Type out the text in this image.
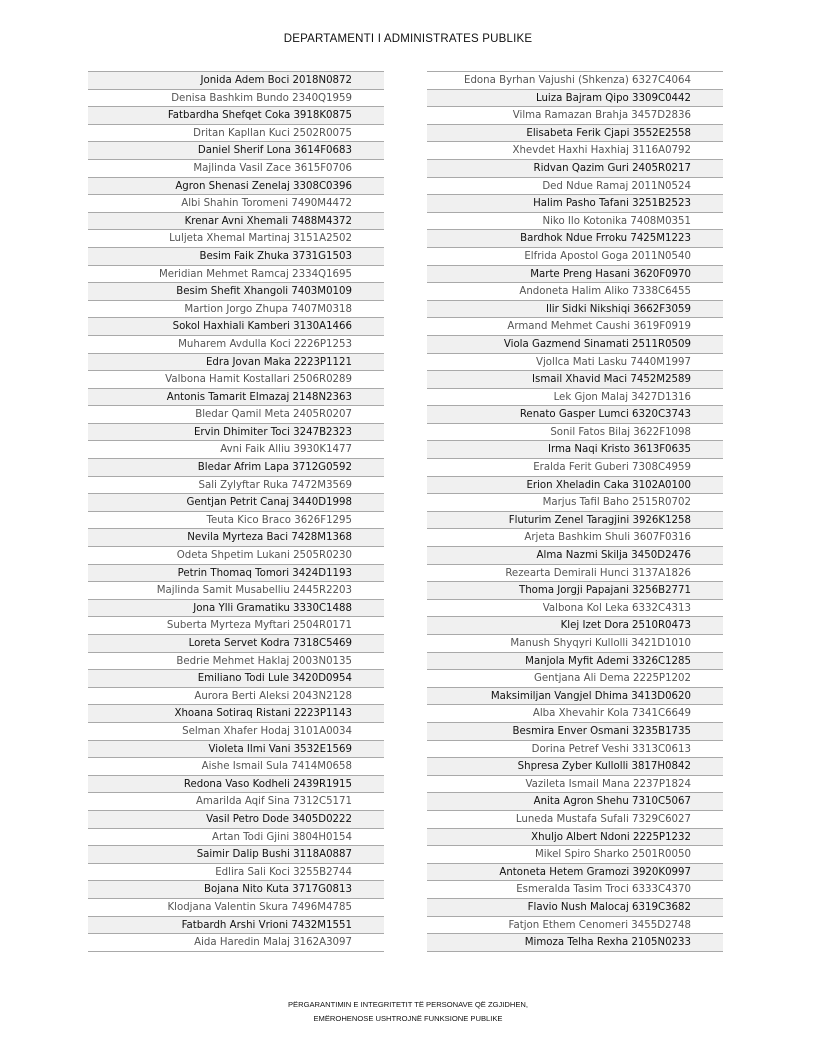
DEPARTAMENTI I ADMINISTRATES PUBLIKE
Jonida Adem Boci 2018N0872
Denisa Bashkim Bundo 2340Q1959
Fatbardha Shefqet Coka 3918K0875
Dritan Kapllan Kuci 2502R0075
Daniel Sherif Lona 3614F0683
Majlinda Vasil Zace 3615F0706
Agron Shenasi Zenelaj 3308C0396
Albi Shahin Toromeni 7490M4472
Krenar Avni Xhemali 7488M4372
Luljeta Xhemal Martinaj 3151A2502
Besim Faik Zhuka 3731G1503
Meridian Mehmet Ramcaj 2334Q1695
Besim Shefit Xhangoli 7403M0109
Martion Jorgo Zhupa 7407M0318
Sokol Haxhiali Kamberi 3130A1466
Muharem Avdulla Koci 2226P1253
Edra Jovan Maka 2223P1121
Valbona Hamit Kostallari 2506R0289
Antonis Tamarit Elmazaj 2148N2363
Bledar Qamil Meta 2405R0207
Ervin Dhimiter Toci 3247B2323
Avni Faik Alliu 3930K1477
Bledar Afrim Lapa 3712G0592
Sali Zylyftar Ruka 7472M3569
Gentjan Petrit Canaj 3440D1998
Teuta Kico Braco 3626F1295
Nevila Myrteza Baci 7428M1368
Odeta Shpetim Lukani 2505R0230
Petrin Thomaq Tomori 3424D1193
Majlinda Samit Musabelliu 2445R2203
Jona Ylli Gramatiku 3330C1488
Suberta Myrteza Myftari 2504R0171
Loreta Servet Kodra 7318C5469
Bedrie Mehmet Haklaj 2003N0135
Emiliano Todi Lule 3420D0954
Aurora Berti Aleksi 2043N2128
Xhoana Sotiraq Ristani 2223P1143
Selman Xhafer Hodaj 3101A0034
Violeta Ilmi Vani 3532E1569
Aishe Ismail Sula 7414M0658
Redona Vaso Kodheli 2439R1915
Amarilda Aqif Sina 7312C5171
Vasil Petro Dode 3405D0222
Artan Todi Gjini 3804H0154
Saimir Dalip Bushi 3118A0887
Edlira Sali Koci 3255B2744
Bojana Nito Kuta 3717G0813
Klodjana Valentin Skura 7496M4785
Fatbardh Arshi Vrioni 7432M1551
Aida Haredin Malaj 3162A3097
Edona Byrhan Vajushi (Shkenza) 6327C4064
Luiza Bajram Qipo 3309C0442
Vilma Ramazan Brahja 3457D2836
Elisabeta Ferik Cjapi 3552E2558
Xhevdet Haxhi Haxhiaj 3116A0792
Ridvan Qazim Guri 2405R0217
Ded Ndue Ramaj 2011N0524
Halim Pasho Tafani 3251B2523
Niko Ilo Kotonika 7408M0351
Bardhok Ndue Frroku 7425M1223
Elfrida Apostol Goga 2011N0540
Marte Preng Hasani 3620F0970
Andoneta Halim Aliko 7338C6455
Ilir Sidki Nikshiqi 3662F3059
Armand Mehmet Caushi 3619F0919
Viola Gazmend Sinamati 2511R0509
Vjollca Mati Lasku 7440M1997
Ismail Xhavid Maci 7452M2589
Lek Gjon Malaj 3427D1316
Renato Gasper Lumci 6320C3743
Sonil Fatos Bilaj 3622F1098
Irma Naqi Kristo 3613F0635
Eralda Ferit Guberi 7308C4959
Erion Xheladin Caka 3102A0100
Marjus Tafil Baho 2515R0702
Fluturim Zenel Taragjini 3926K1258
Arjeta Bashkim Shuli 3607F0316
Alma Nazmi Skilja 3450D2476
Rezearta Demirali Hunci 3137A1826
Thoma Jorgji Papajani 3256B2771
Valbona Kol Leka 6332C4313
Klej Izet Dora 2510R0473
Manush Shyqyri Kullolli 3421D1010
Manjola Myfit Ademi 3326C1285
Gentjana Ali Dema 2225P1202
Maksimiljan Vangjel Dhima 3413D0620
Alba Xhevahir Kola 7341C6649
Besmira Enver Osmani 3235B1735
Dorina Petref Veshi 3313C0613
Shpresa Zyber Kullolli 3817H0842
Vazileta Ismail Mana 2237P1824
Anita Agron Shehu 7310C5067
Luneda Mustafa Sufali 7329C6027
Xhuljo Albert Ndoni 2225P1232
Mikel Spiro Sharko 2501R0050
Antoneta Hetem Gramozi 3920K0997
Esmeralda Tasim Troci 6333C4370
Flavio Nush Malocaj 6319C3682
Fatjon Ethem Cenomeri 3455D2748
Mimoza Telha Rexha 2105N0233
PËRGARANTIMIN E INTEGRITETIT TË PERSONAVE QË ZGJIDHEN,
EMËROHENOSE USHTROJNË FUNKSIONE PUBLIKE
